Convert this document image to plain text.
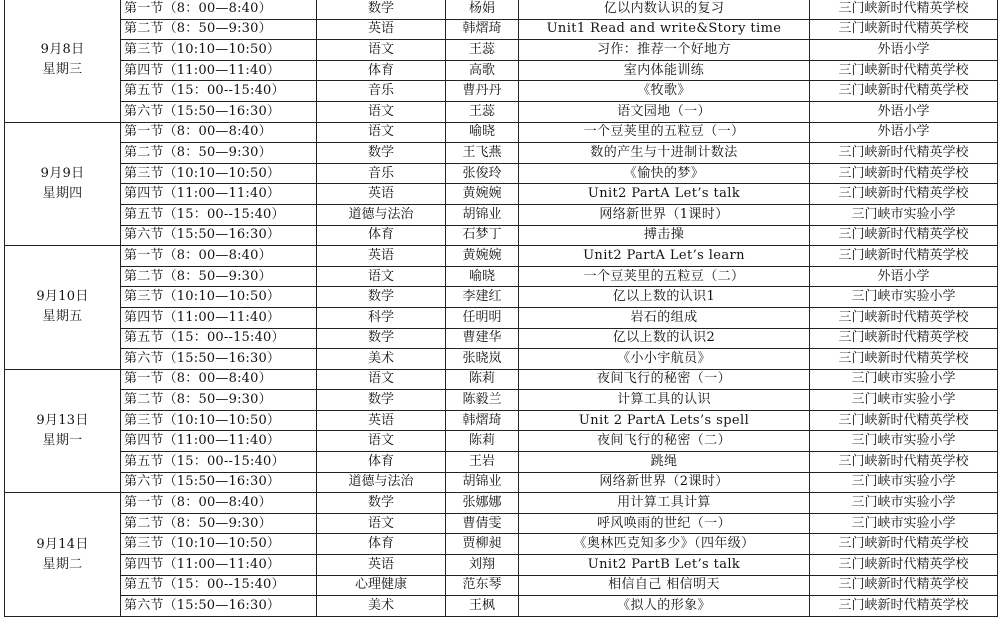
9月8日
星期三	第一节（8：00—8:40）	数学	杨娟	亿以内数认识的复习	三门峡新时代精英学校
	第二节（8：50—9:30）	英语	韩熠琦	Unit1 Read and write&Story time	三门峡新时代精英学校
	第三节（10:10—10:50）	语文	王蕊	习作：推荐一个好地方	外语小学
	第四节（11:00—11:40）	体育	高歌	室内体能训练	三门峡新时代精英学校
	第五节（15：00--15:40）	音乐	曹丹丹	《牧歌》	三门峡新时代精英学校
	第六节（15:50—16:30）	语文	王蕊	语文园地（一）	外语小学

9月9日
星期四	第一节（8：00—8:40）	语文	喻晓	一个豆荚里的五粒豆（一）	外语小学
	第二节（8：50—9:30）	数学	王飞燕	数的产生与十进制计数法	三门峡新时代精英学校
	第三节（10:10—10:50）	音乐	张俊玲	《愉快的梦》	三门峡新时代精英学校
	第四节（11:00—11:40）	英语	黄婉婉	Unit2 PartA Let’s talk	三门峡新时代精英学校
	第五节（15：00--15:40）	道德与法治	胡锦业	网络新世界（1课时）	三门峡市实验小学
	第六节（15:50—16:30）	体育	石梦丁	搏击操	三门峡新时代精英学校

9月10日
星期五	第一节（8：00—8:40）	英语	黄婉婉	Unit2 PartA Let’s learn	三门峡新时代精英学校
	第二节（8：50—9:30）	语文	喻晓	一个豆荚里的五粒豆（二）	外语小学
	第三节（10:10—10:50）	数学	李建红	亿以上数的认识1	三门峡市实验小学
	第四节（11:00—11:40）	科学	任明明	岩石的组成	三门峡新时代精英学校
	第五节（15：00--15:40）	数学	曹建华	亿以上数的认识2	三门峡新时代精英学校
	第六节（15:50—16:30）	美术	张晓岚	《小小宇航员》	三门峡新时代精英学校

9月13日
星期一	第一节（8：00—8:40）	语文	陈莉	夜间飞行的秘密（一）	三门峡市实验小学
	第二节（8：50—9:30）	数学	陈毅兰	计算工具的认识	三门峡市实验小学
	第三节（10:10—10:50）	英语	韩熠琦	Unit 2 PartA Lets’s spell	三门峡新时代精英学校
	第四节（11:00—11:40）	语文	陈莉	夜间飞行的秘密（二）	三门峡市实验小学
	第五节（15：00--15:40）	体育	王岩	跳绳	三门峡新时代精英学校
	第六节（15:50—16:30）	道德与法治	胡锦业	网络新世界（2课时）	三门峡市实验小学

9月14日
星期二	第一节（8：00—8:40）	数学	张娜娜	用计算工具计算	三门峡市实验小学
	第二节（8：50—9:30）	语文	曹倩雯	呼风唤雨的世纪（一）	三门峡市实验小学
	第三节（10:10—10:50）	体育	贾柳昶	《奥林匹克知多少》（四年级）	三门峡新时代精英学校
	第四节（11:00—11:40）	英语	刘翔	Unit2 PartB Let’s talk	三门峡新时代精英学校
	第五节（15：00--15:40）	心理健康	范东琴	相信自己 相信明天	三门峡新时代精英学校
	第六节（15:50—16:30）	美术	王枫	《拟人的形象》	三门峡新时代精英学校
